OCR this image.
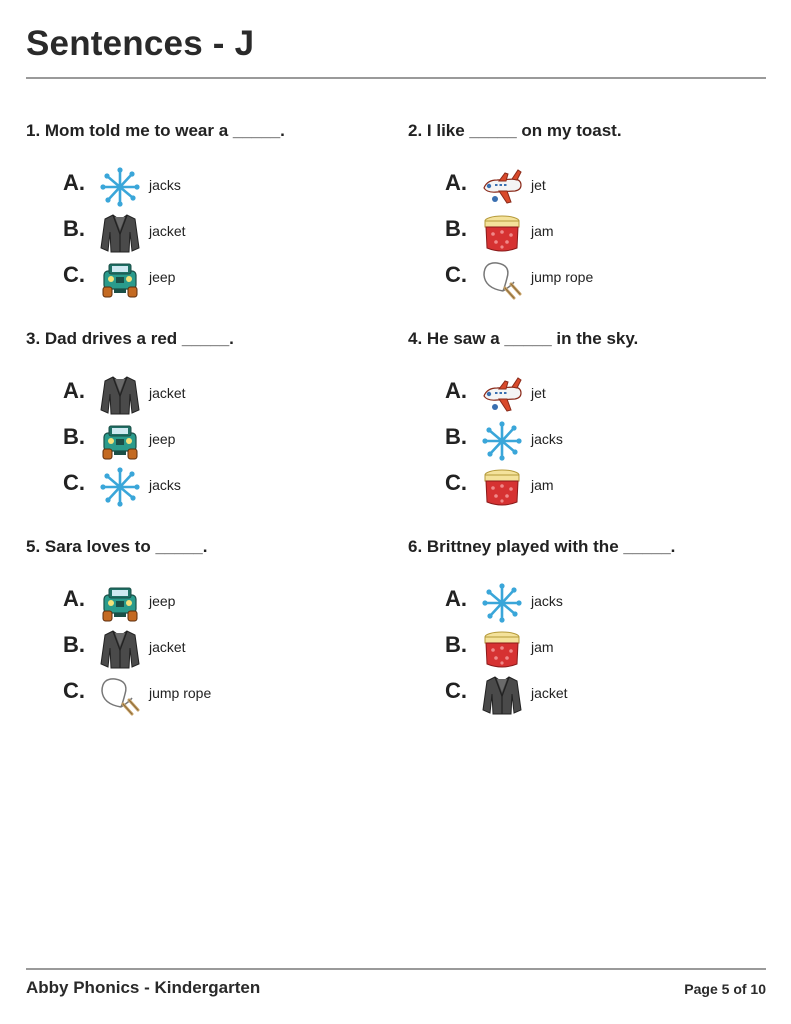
Sentences - J

1. Mom told me to wear a _____.

A.	jacks
B.	jacket
C.	jeep

2. I like _____ on my toast.

A.	jet
B.	jam
C.	jump rope

3. Dad drives a red _____.

A.	jacket
B.	jeep
C.	jacks

4. He saw a _____ in the sky.

A.	jet
B.	jacks
C.	jam

5. Sara loves to _____.

A.	jeep
B.	jacket
C.	jump rope

6. Brittney played with the _____.

A.	jacks
B.	jam
C.	jacket
Abby Phonics - Kindergarten	Page 5 of 10
